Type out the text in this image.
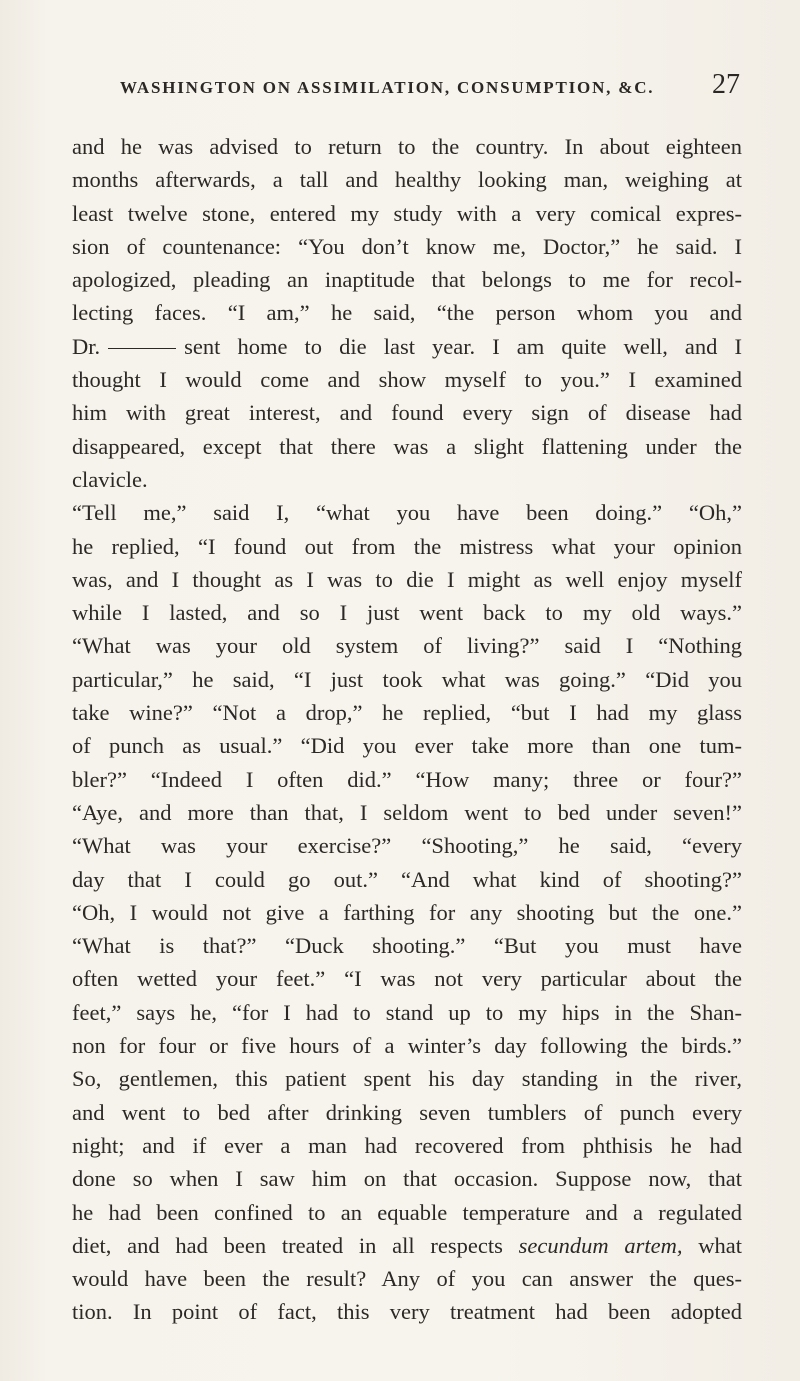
WASHINGTON ON ASSIMILATION, CONSUMPTION, &C. 27
and he was advised to return to the country. In about eighteen
months afterwards, a tall and healthy looking man, weighing at
least twelve stone, entered my study with a very comical expres-
sion of countenance: “You don’t know me, Doctor,” he said. I
apologized, pleading an inaptitude that belongs to me for recol-
lecting faces. “I am,” he said, “the person whom you and
Dr.	sent home to die last year. I am quite well, and I
thought I would come and show myself to you.” I examined
him with great interest, and found every sign of disease had
disappeared, except that there was a slight flattening under the
clavicle.
“Tell me,” said I, “what you have been doing.” “Oh,”
he replied, “I found out from the mistress what your opinion
was, and I thought as I was to die I might as well enjoy myself
while I lasted, and so I just went back to my old ways.”
“What was your old system of living?” said I “Nothing
particular,” he said, “I just took what was going.” “Did you
take wine?” “Not a drop,” he replied, “but I had my glass
of punch as usual.” “Did you ever take more than one tum-
bler?” “Indeed I often did.” “How many; three or four?”
“Aye, and more than that, I seldom went to bed under seven!”
“What was your exercise?” “Shooting,” he said, “every
day that I could go out.” “And what kind of shooting?”
“Oh, I would not give a farthing for any shooting but the one.”
“What is that?” “Duck shooting.” “But you must have
often wetted your feet.” “I was not very particular about the
feet,” says he, “for I had to stand up to my hips in the Shan-
non for four or five hours of a winter’s day following the birds.”
So, gentlemen, this patient spent his day standing in the river,
and went to bed after drinking seven tumblers of punch every
night; and if ever a man had recovered from phthisis he had
done so when I saw him on that occasion. Suppose now, that
he had been confined to an equable temperature and a regulated
diet, and had been treated in all respects secundum artem, what
would have been the result? Any of you can answer the ques-
tion. In point of fact, this very treatment had been adopted
